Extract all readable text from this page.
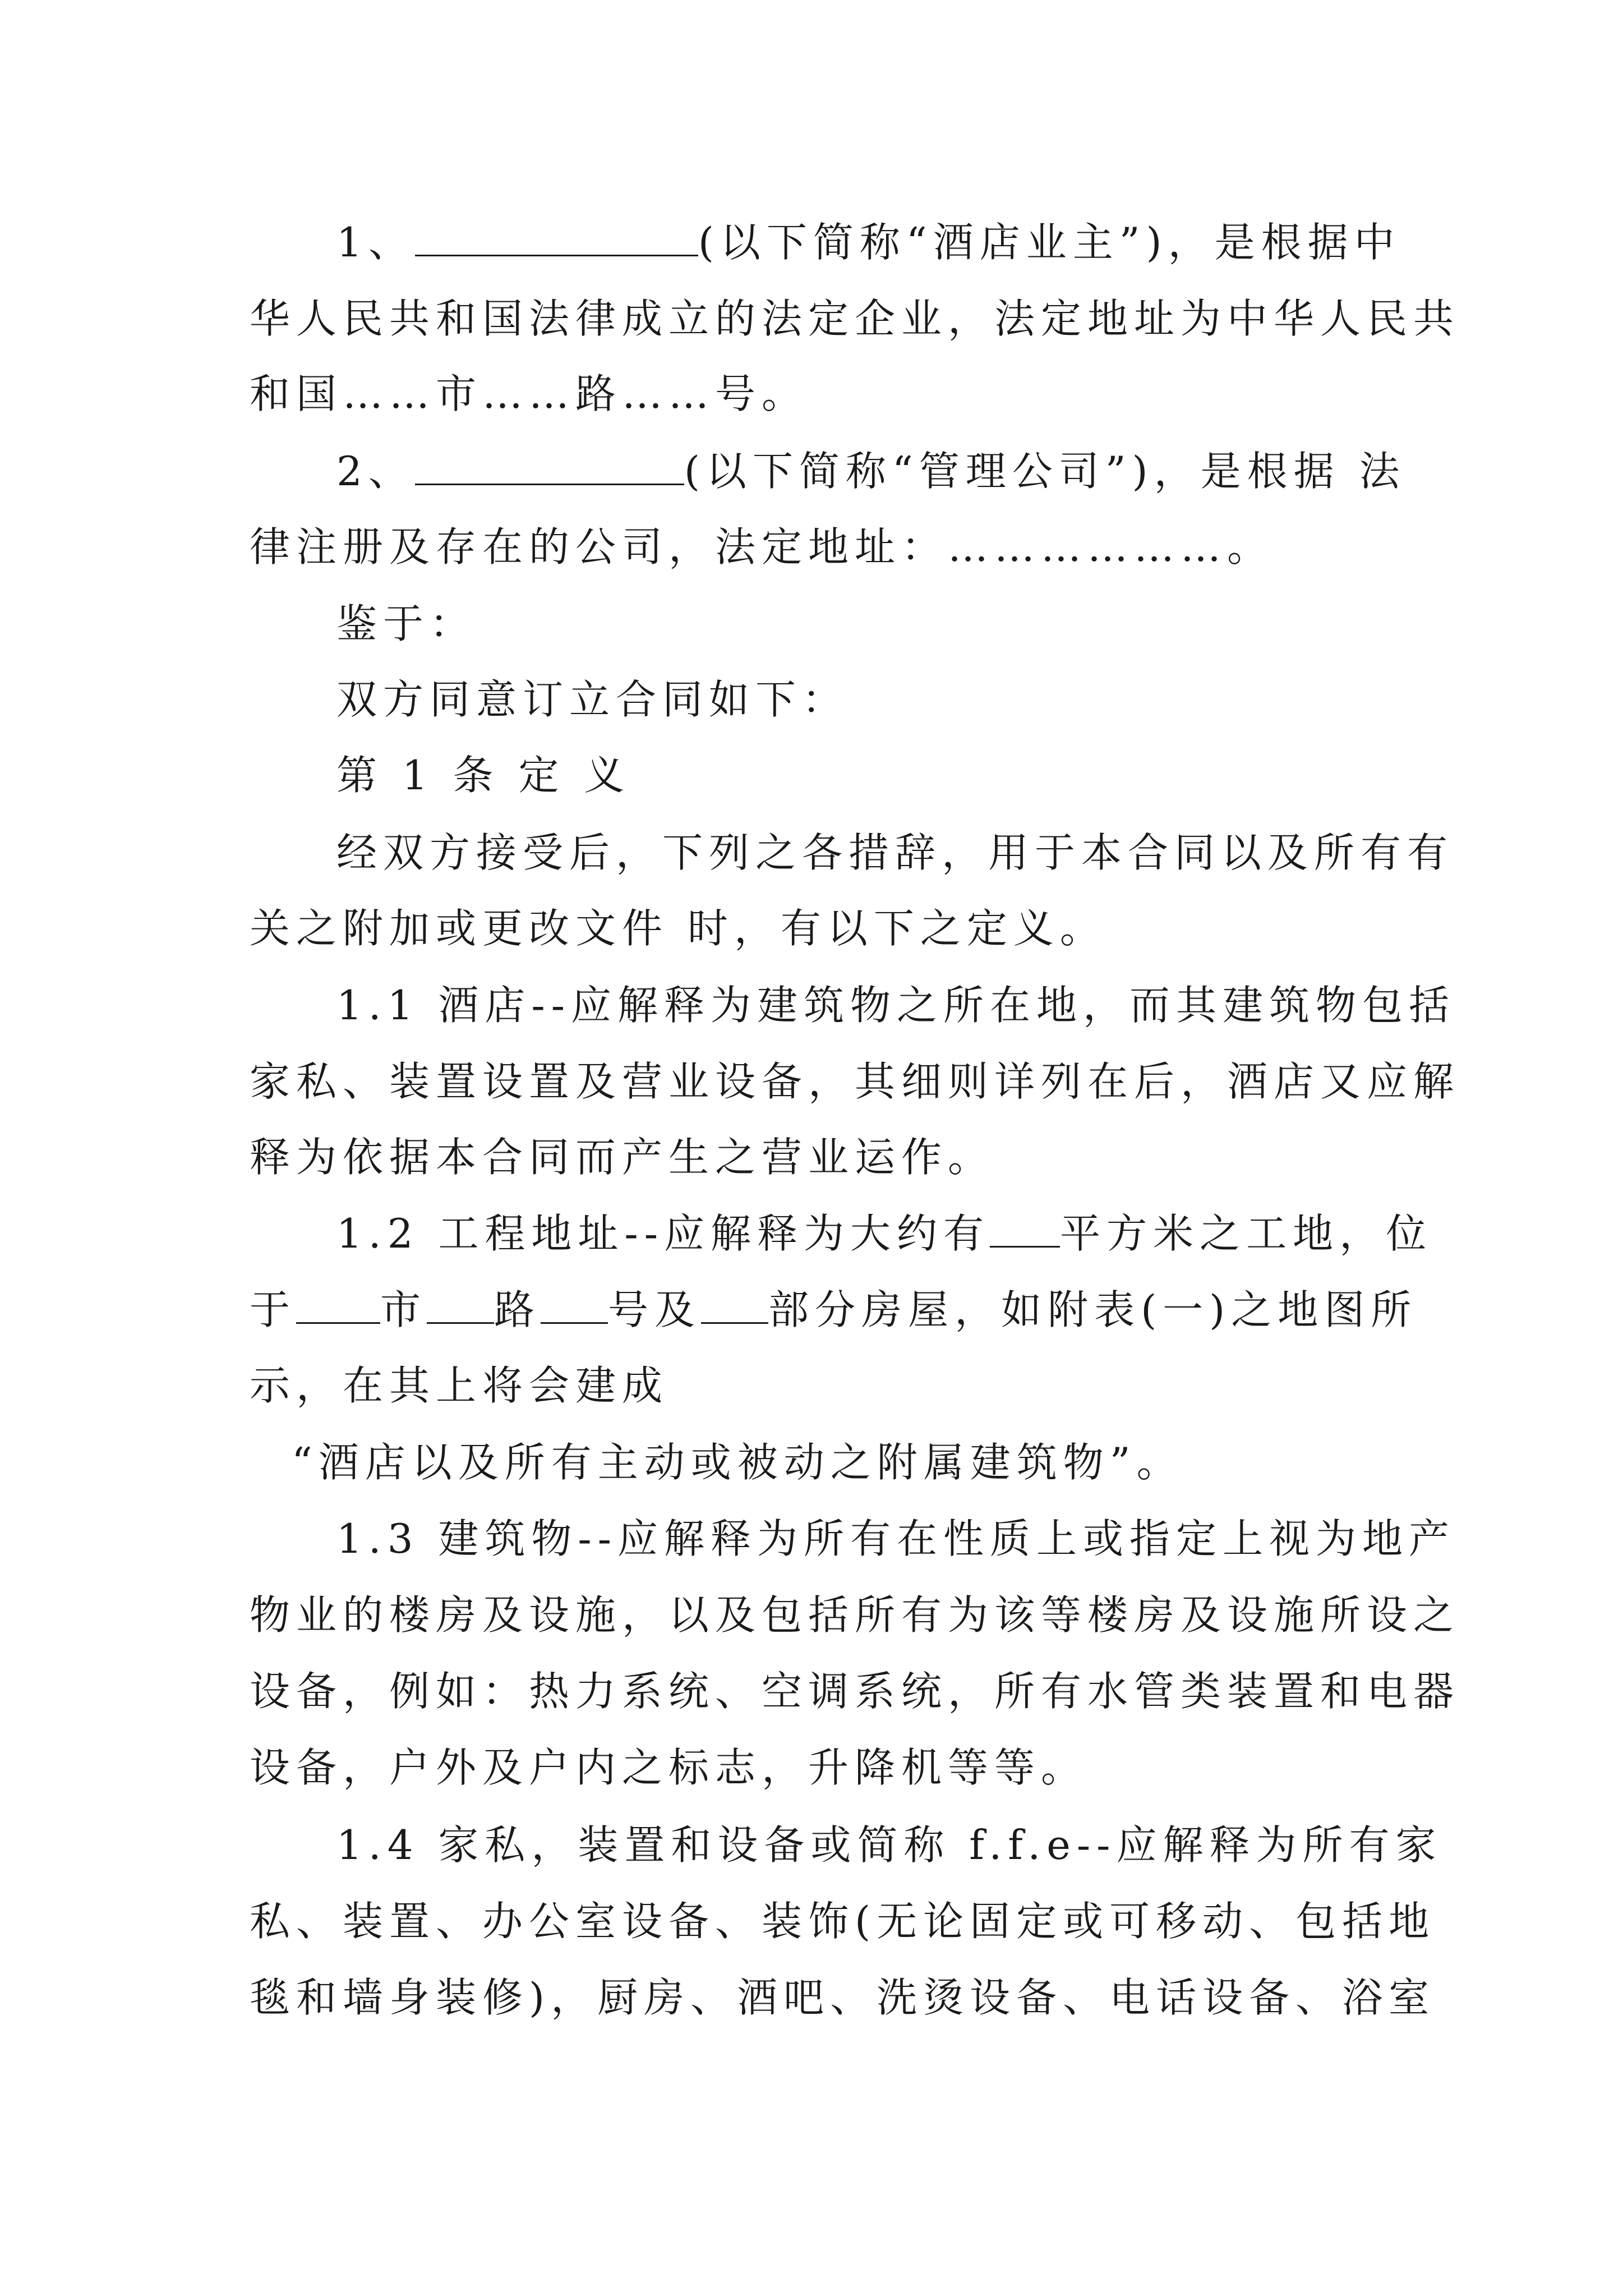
1、	(以下简称“酒店业主”)，是根据中

华人民共和国法律成立的法定企业，法定地址为中华人民共

和国……市……路……号。

2、	(以下简称“管理公司”)，是根据 法

律注册及存在的公司，法定地址：………………。

鉴于：

双方同意订立合同如下：

第 1 条 定 义

经双方接受后，下列之各措辞，用于本合同以及所有有

关之附加或更改文件 时，有以下之定义。

1.1 酒店--应解释为建筑物之所在地，而其建筑物包括

家私、装置设置及营业设备，其细则详列在后，酒店又应解

释为依据本合同而产生之营业运作。

1.2 工程地址--应解释为大约有 平方米之工地，位

于 市 路 号及 部分房屋，如附表(一)之地图所

示，在其上将会建成

“酒店以及所有主动或被动之附属建筑物”。

1.3 建筑物--应解释为所有在性质上或指定上视为地产

物业的楼房及设施，以及包括所有为该等楼房及设施所设之

设备，例如：热力系统、空调系统，所有水管类装置和电器

设备，户外及户内之标志，升降机等等。

1.4 家私，装置和设备或简称 f.f.e--应解释为所有家

私、装置、办公室设备、装饰(无论固定或可移动、包括地

毯和墙身装修)，厨房、酒吧、洗烫设备、电话设备、浴室
